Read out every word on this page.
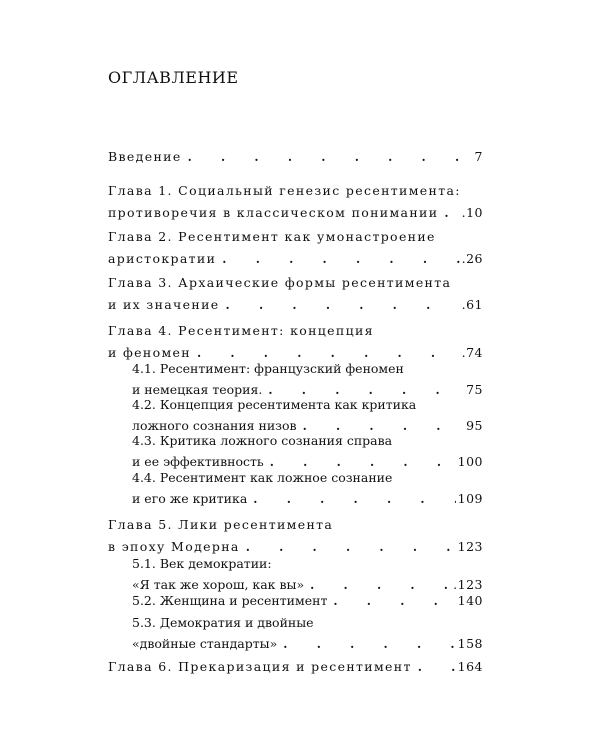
ОГЛАВЛЕНИЕ
Введение .	7
Глава 1. Социальный генезис ресентимента:
противоречия в классическом понимании . .10
Глава 2. Ресентимент как умонастроение
аристократии .	.26
Глава 3. Архаические формы ресентимента
и их значение .	.61
Глава 4. Ресентимент: концепция
и феномен .	.74
4.1. Ресентимент: французский феномен
и немецкая теория. .	75
4.2. Концепция ресентимента как критика
ложного сознания низов .	95
4.3. Критика ложного сознания справа
и ее эффективность .	100
4.4. Ресентимент как ложное сознание
и его же критика .	109
Глава 5. Лики ресентимента
в эпоху Модерна .	123
5.1. Век демократии:
«Я так же хорош, как вы» .	.123
5.2. Женщина и ресентимент .	140
5.3. Демократия и двойные
«двойные стандарты» .	158
Глава 6. Прекаризация и ресентимент .	164
